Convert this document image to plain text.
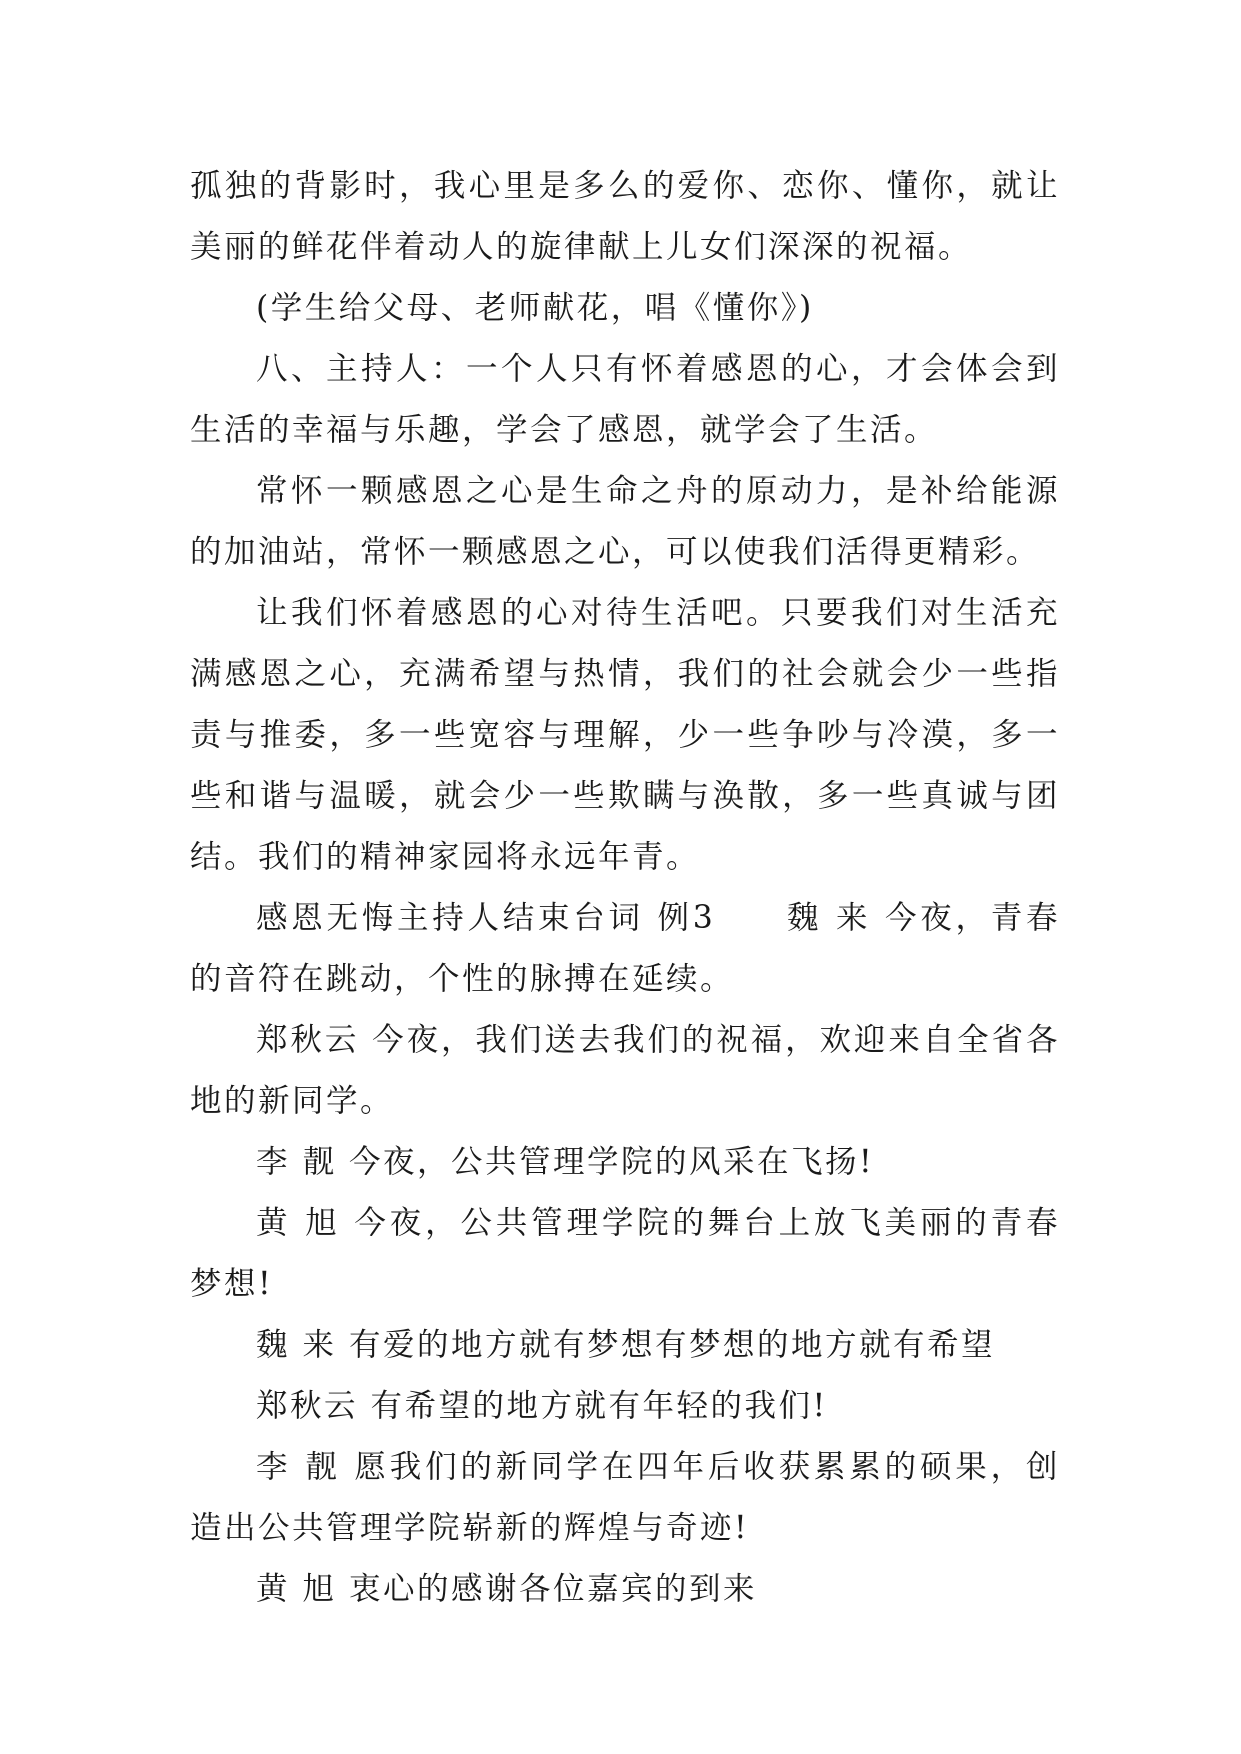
孤独的背影时，我心里是多么的爱你、恋你、懂你，就让美丽的鲜花伴着动人的旋律献上儿女们深深的祝福。

(学生给父母、老师献花，唱《懂你》)

八、主持人：一个人只有怀着感恩的心，才会体会到生活的幸福与乐趣，学会了感恩，就学会了生活。

常怀一颗感恩之心是生命之舟的原动力，是补给能源的加油站，常怀一颗感恩之心，可以使我们活得更精彩。

让我们怀着感恩的心对待生活吧。只要我们对生活充满感恩之心，充满希望与热情，我们的社会就会少一些指责与推委，多一些宽容与理解，少一些争吵与冷漠，多一些和谐与温暖，就会少一些欺瞒与涣散，多一些真诚与团结。我们的精神家园将永远年青。

感恩无悔主持人结束台词 例3　　魏 来 今夜，青春的音符在跳动，个性的脉搏在延续。

郑秋云 今夜，我们送去我们的祝福，欢迎来自全省各地的新同学。

李 靓 今夜，公共管理学院的风采在飞扬!

黄 旭 今夜，公共管理学院的舞台上放飞美丽的青春梦想!

魏 来 有爱的地方就有梦想有梦想的地方就有希望

郑秋云 有希望的地方就有年轻的我们!

李 靓 愿我们的新同学在四年后收获累累的硕果，创造出公共管理学院崭新的辉煌与奇迹!

黄 旭 衷心的感谢各位嘉宾的到来
